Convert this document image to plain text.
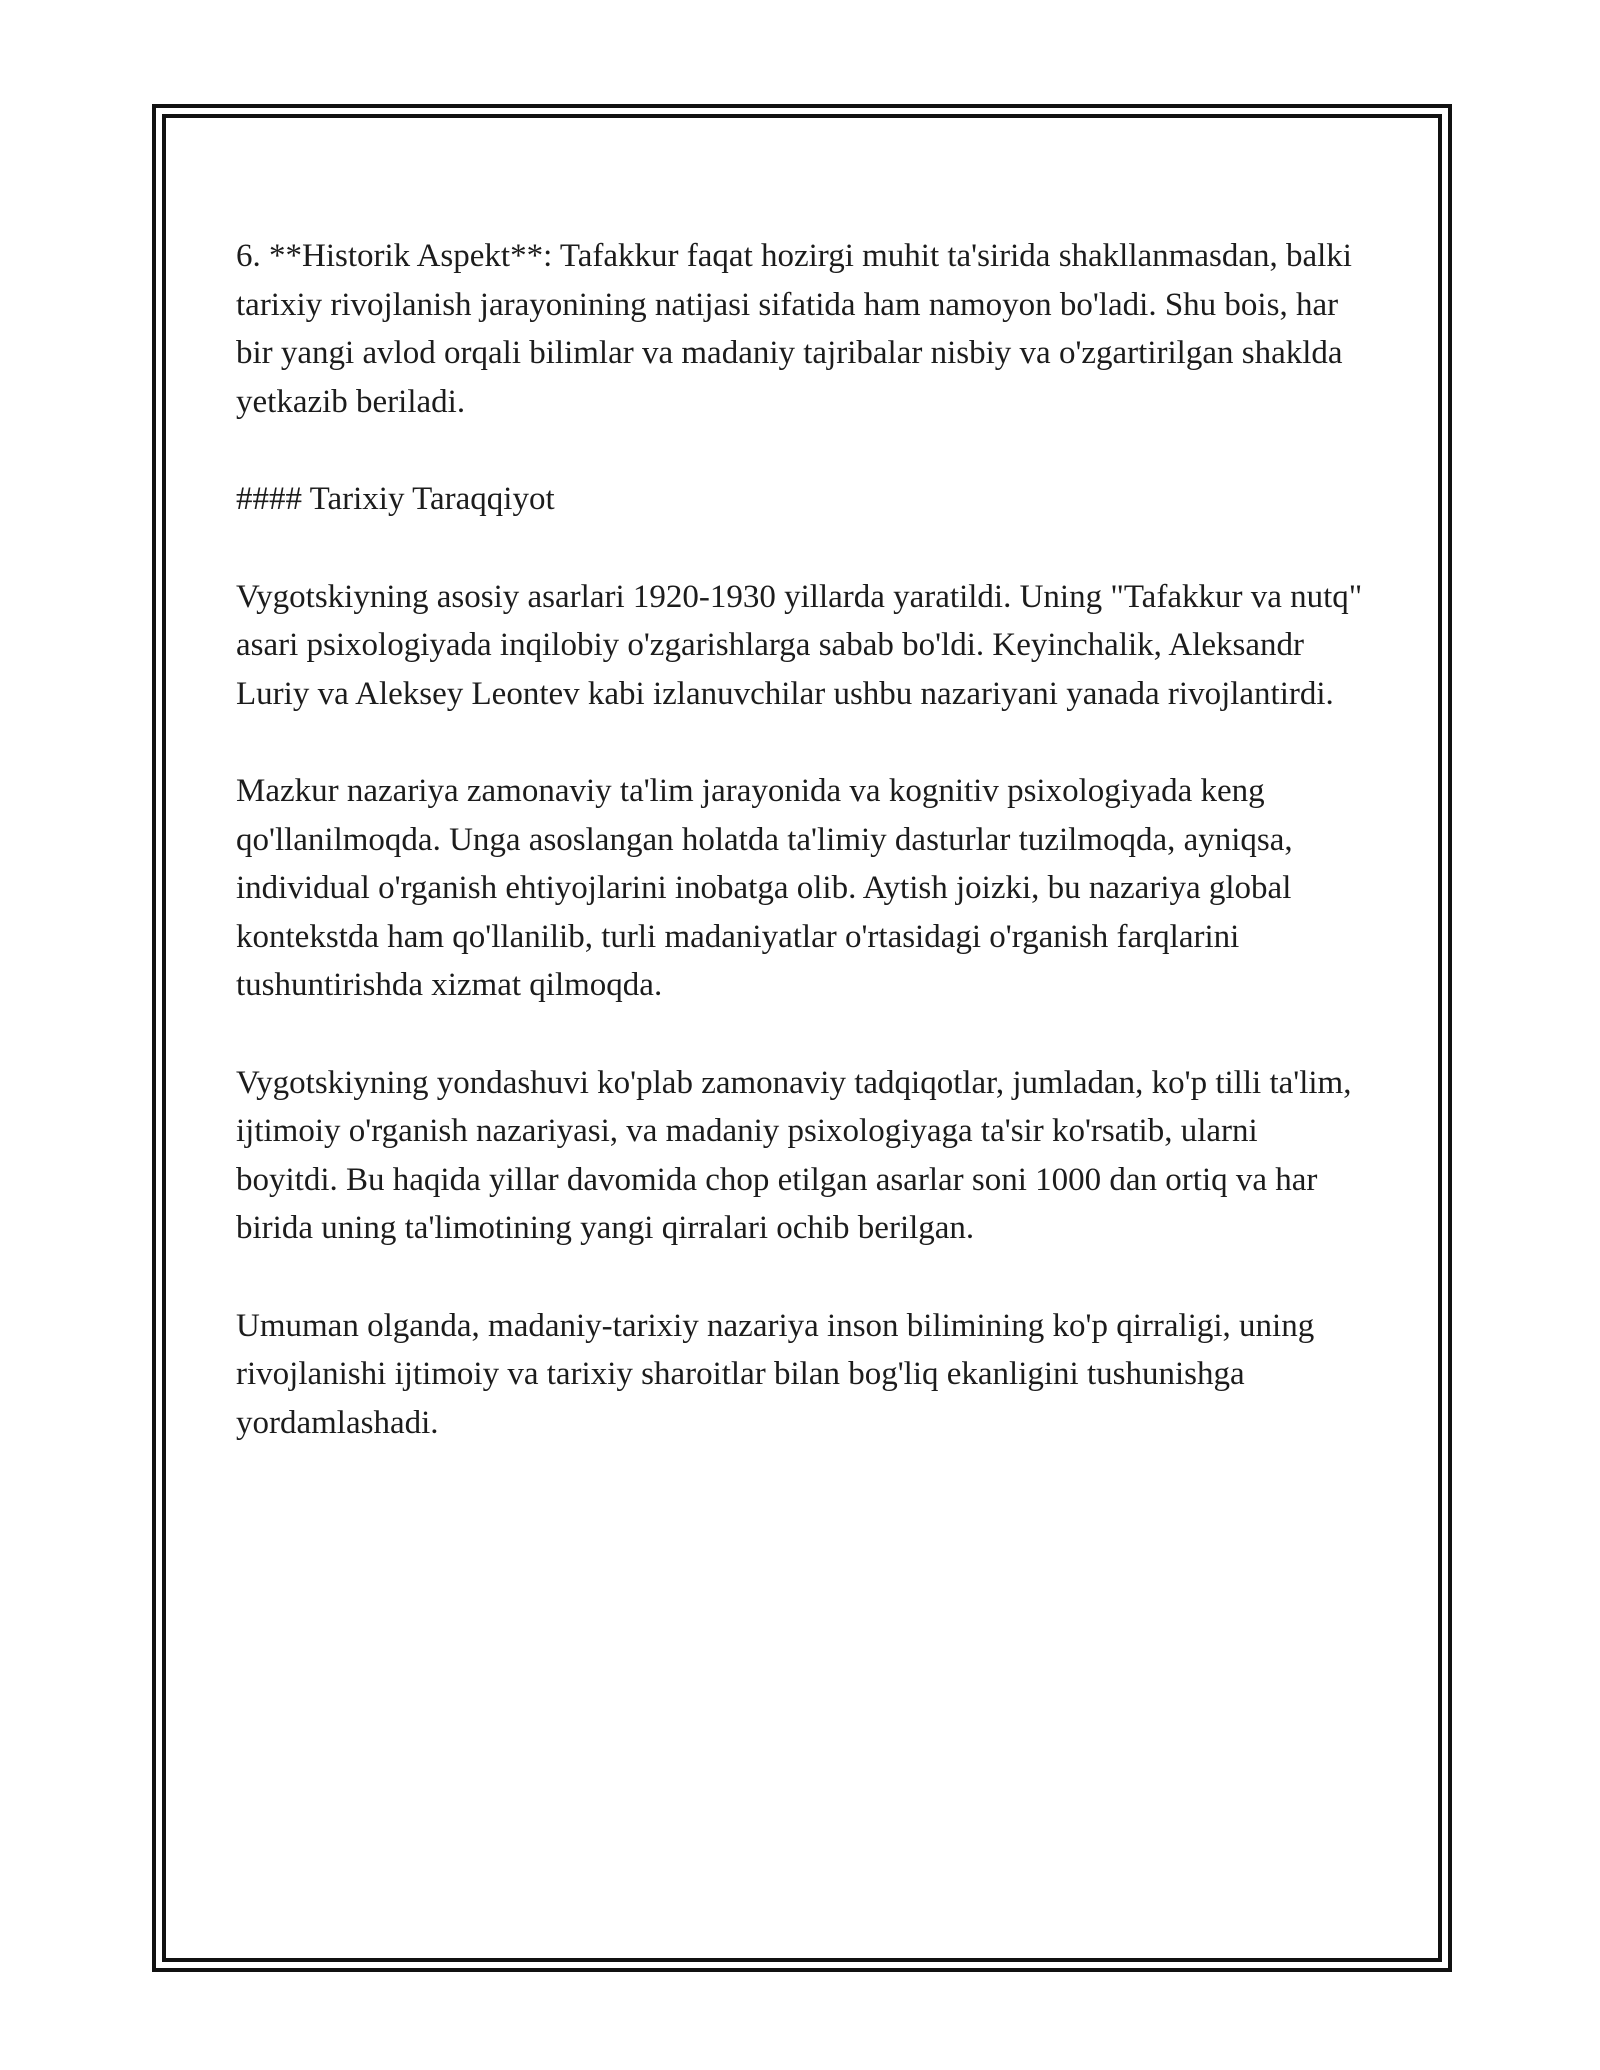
6. **Historik Aspekt**: Tafakkur faqat hozirgi muhit ta'sirida shakllanmasdan, balki tarixiy rivojlanish jarayonining natijasi sifatida ham namoyon bo'ladi. Shu bois, har bir yangi avlod orqali bilimlar va madaniy tajribalar nisbiy va o'zgartirilgan shaklda yetkazib beriladi.

#### Tarixiy Taraqqiyot

Vygotskiyning asosiy asarlari 1920-1930 yillarda yaratildi. Uning "Tafakkur va nutq" asari psixologiyada inqilobiy o'zgarishlarga sabab bo'ldi. Keyinchalik, Aleksandr Luriy va Aleksey Leontev kabi izlanuvchilar ushbu nazariyani yanada rivojlantirdi.

Mazkur nazariya zamonaviy ta'lim jarayonida va kognitiv psixologiyada keng qo'llanilmoqda. Unga asoslangan holatda ta'limiy dasturlar tuzilmoqda, ayniqsa, individual o'rganish ehtiyojlarini inobatga olib. Aytish joizki, bu nazariya global kontekstda ham qo'llanilib, turli madaniyatlar o'rtasidagi o'rganish farqlarini tushuntirishda xizmat qilmoqda.

Vygotskiyning yondashuvi ko'plab zamonaviy tadqiqotlar, jumladan, ko'p tilli ta'lim, ijtimoiy o'rganish nazariyasi, va madaniy psixologiyaga ta'sir ko'rsatib, ularni boyitdi. Bu haqida yillar davomida chop etilgan asarlar soni 1000 dan ortiq va har birida uning ta'limotining yangi qirralari ochib berilgan.

Umuman olganda, madaniy-tarixiy nazariya inson bilimining ko'p qirraligi, uning rivojlanishi ijtimoiy va tarixiy sharoitlar bilan bog'liq ekanligini tushunishga yordamlashadi.
